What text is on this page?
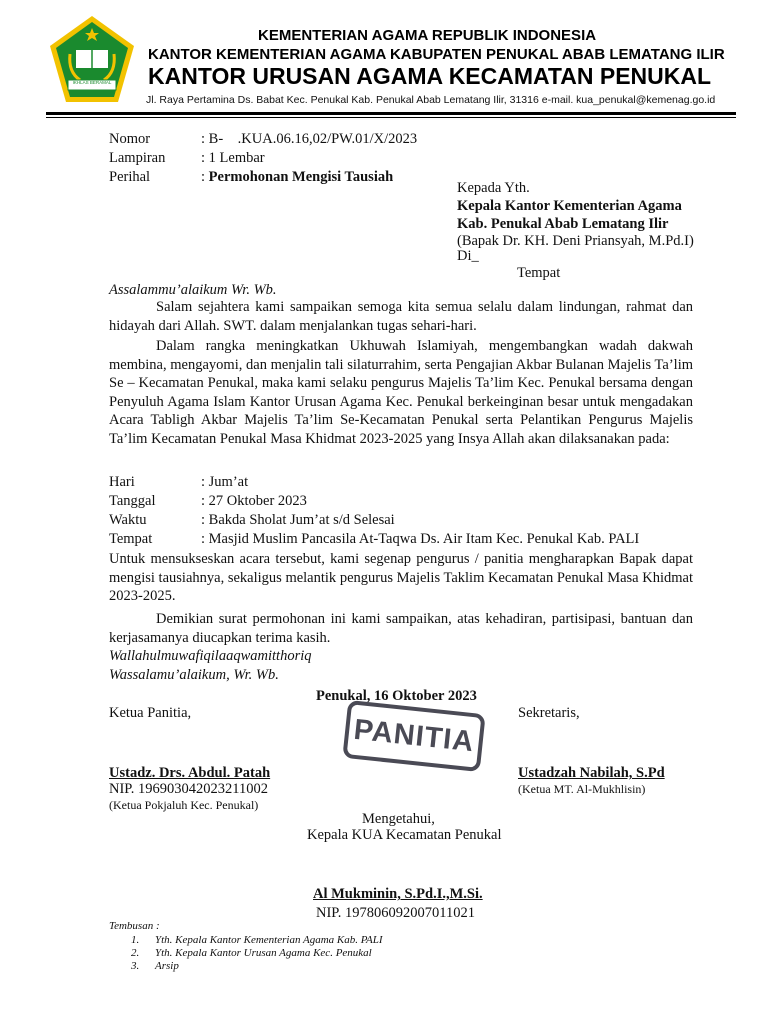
IKHLAS BERAMAL
KEMENTERIAN AGAMA REPUBLIK INDONESIA
KANTOR KEMENTERIAN AGAMA KABUPATEN PENUKAL ABAB LEMATANG ILIR
KANTOR URUSAN AGAMA KECAMATAN PENUKAL
Jl. Raya Pertamina Ds. Babat Kec. Penukal Kab. Penukal Abab Lematang Ilir, 31316 e-mail. kua_penukal@kemenag.go.id
Nomor	: B-    .KUA.06.16,02/PW.01/X/2023
Lampiran : 1 Lembar
Perihal	: Permohonan Mengisi Tausiah
Kepada Yth.
Kepala Kantor Kementerian Agama
Kab. Penukal Abab Lematang Ilir
(Bapak Dr. KH. Deni Priansyah, M.Pd.I)
Di_
Tempat
Assalammu’alaikum Wr. Wb.
Salam sejahtera kami sampaikan semoga kita semua selalu dalam lindungan, rahmat dan hidayah dari Allah. SWT. dalam menjalankan tugas sehari-hari.
Dalam rangka meningkatkan Ukhuwah Islamiyah, mengembangkan wadah dakwah membina, mengayomi, dan menjalin tali silaturrahim, serta Pengajian Akbar Bulanan Majelis Ta’lim Se – Kecamatan Penukal, maka kami selaku pengurus Majelis Ta’lim Kec. Penukal bersama dengan Penyuluh Agama Islam Kantor Urusan Agama Kec. Penukal berkeinginan besar untuk mengadakan Acara Tabligh Akbar Majelis Ta’lim Se-Kecamatan Penukal serta Pelantikan Pengurus Majelis Ta’lim Kecamatan Penukal Masa Khidmat 2023-2025 yang Insya Allah akan dilaksanakan pada:
Hari	: Jum’at
Tanggal	: 27 Oktober 2023
Waktu	: Bakda Sholat Jum’at s/d Selesai
Tempat	: Masjid Muslim Pancasila At-Taqwa Ds. Air Itam Kec. Penukal Kab. PALI
Untuk mensukseskan acara tersebut, kami segenap pengurus / panitia mengharapkan Bapak dapat mengisi tausiahnya, sekaligus melantik pengurus Majelis Taklim Kecamatan Penukal Masa Khidmat 2023-2025.
Demikian surat permohonan ini kami sampaikan, atas kehadiran, partisipasi, bantuan dan kerjasamanya diucapkan terima kasih.
Wallahulmuwafiqilaaqwamitthoriq
Wassalamu’alaikum, Wr. Wb.
Penukal, 16 Oktober 2023
Ketua Panitia,	Sekretaris,
PANITIA
Ustadz. Drs. Abdul. Patah
NIP. 196903042023211002
(Ketua Pokjaluh Kec. Penukal)
Ustadzah Nabilah, S.Pd
(Ketua MT. Al-Mukhlisin)
Mengetahui,
Kepala KUA Kecamatan Penukal
Al Mukminin, S.Pd.I.,M.Si.
NIP. 197806092007011021
Tembusan :
1. Yth. Kepala Kantor Kementerian Agama Kab. PALI
2. Yth. Kepala Kantor Urusan Agama Kec. Penukal
3. Arsip
